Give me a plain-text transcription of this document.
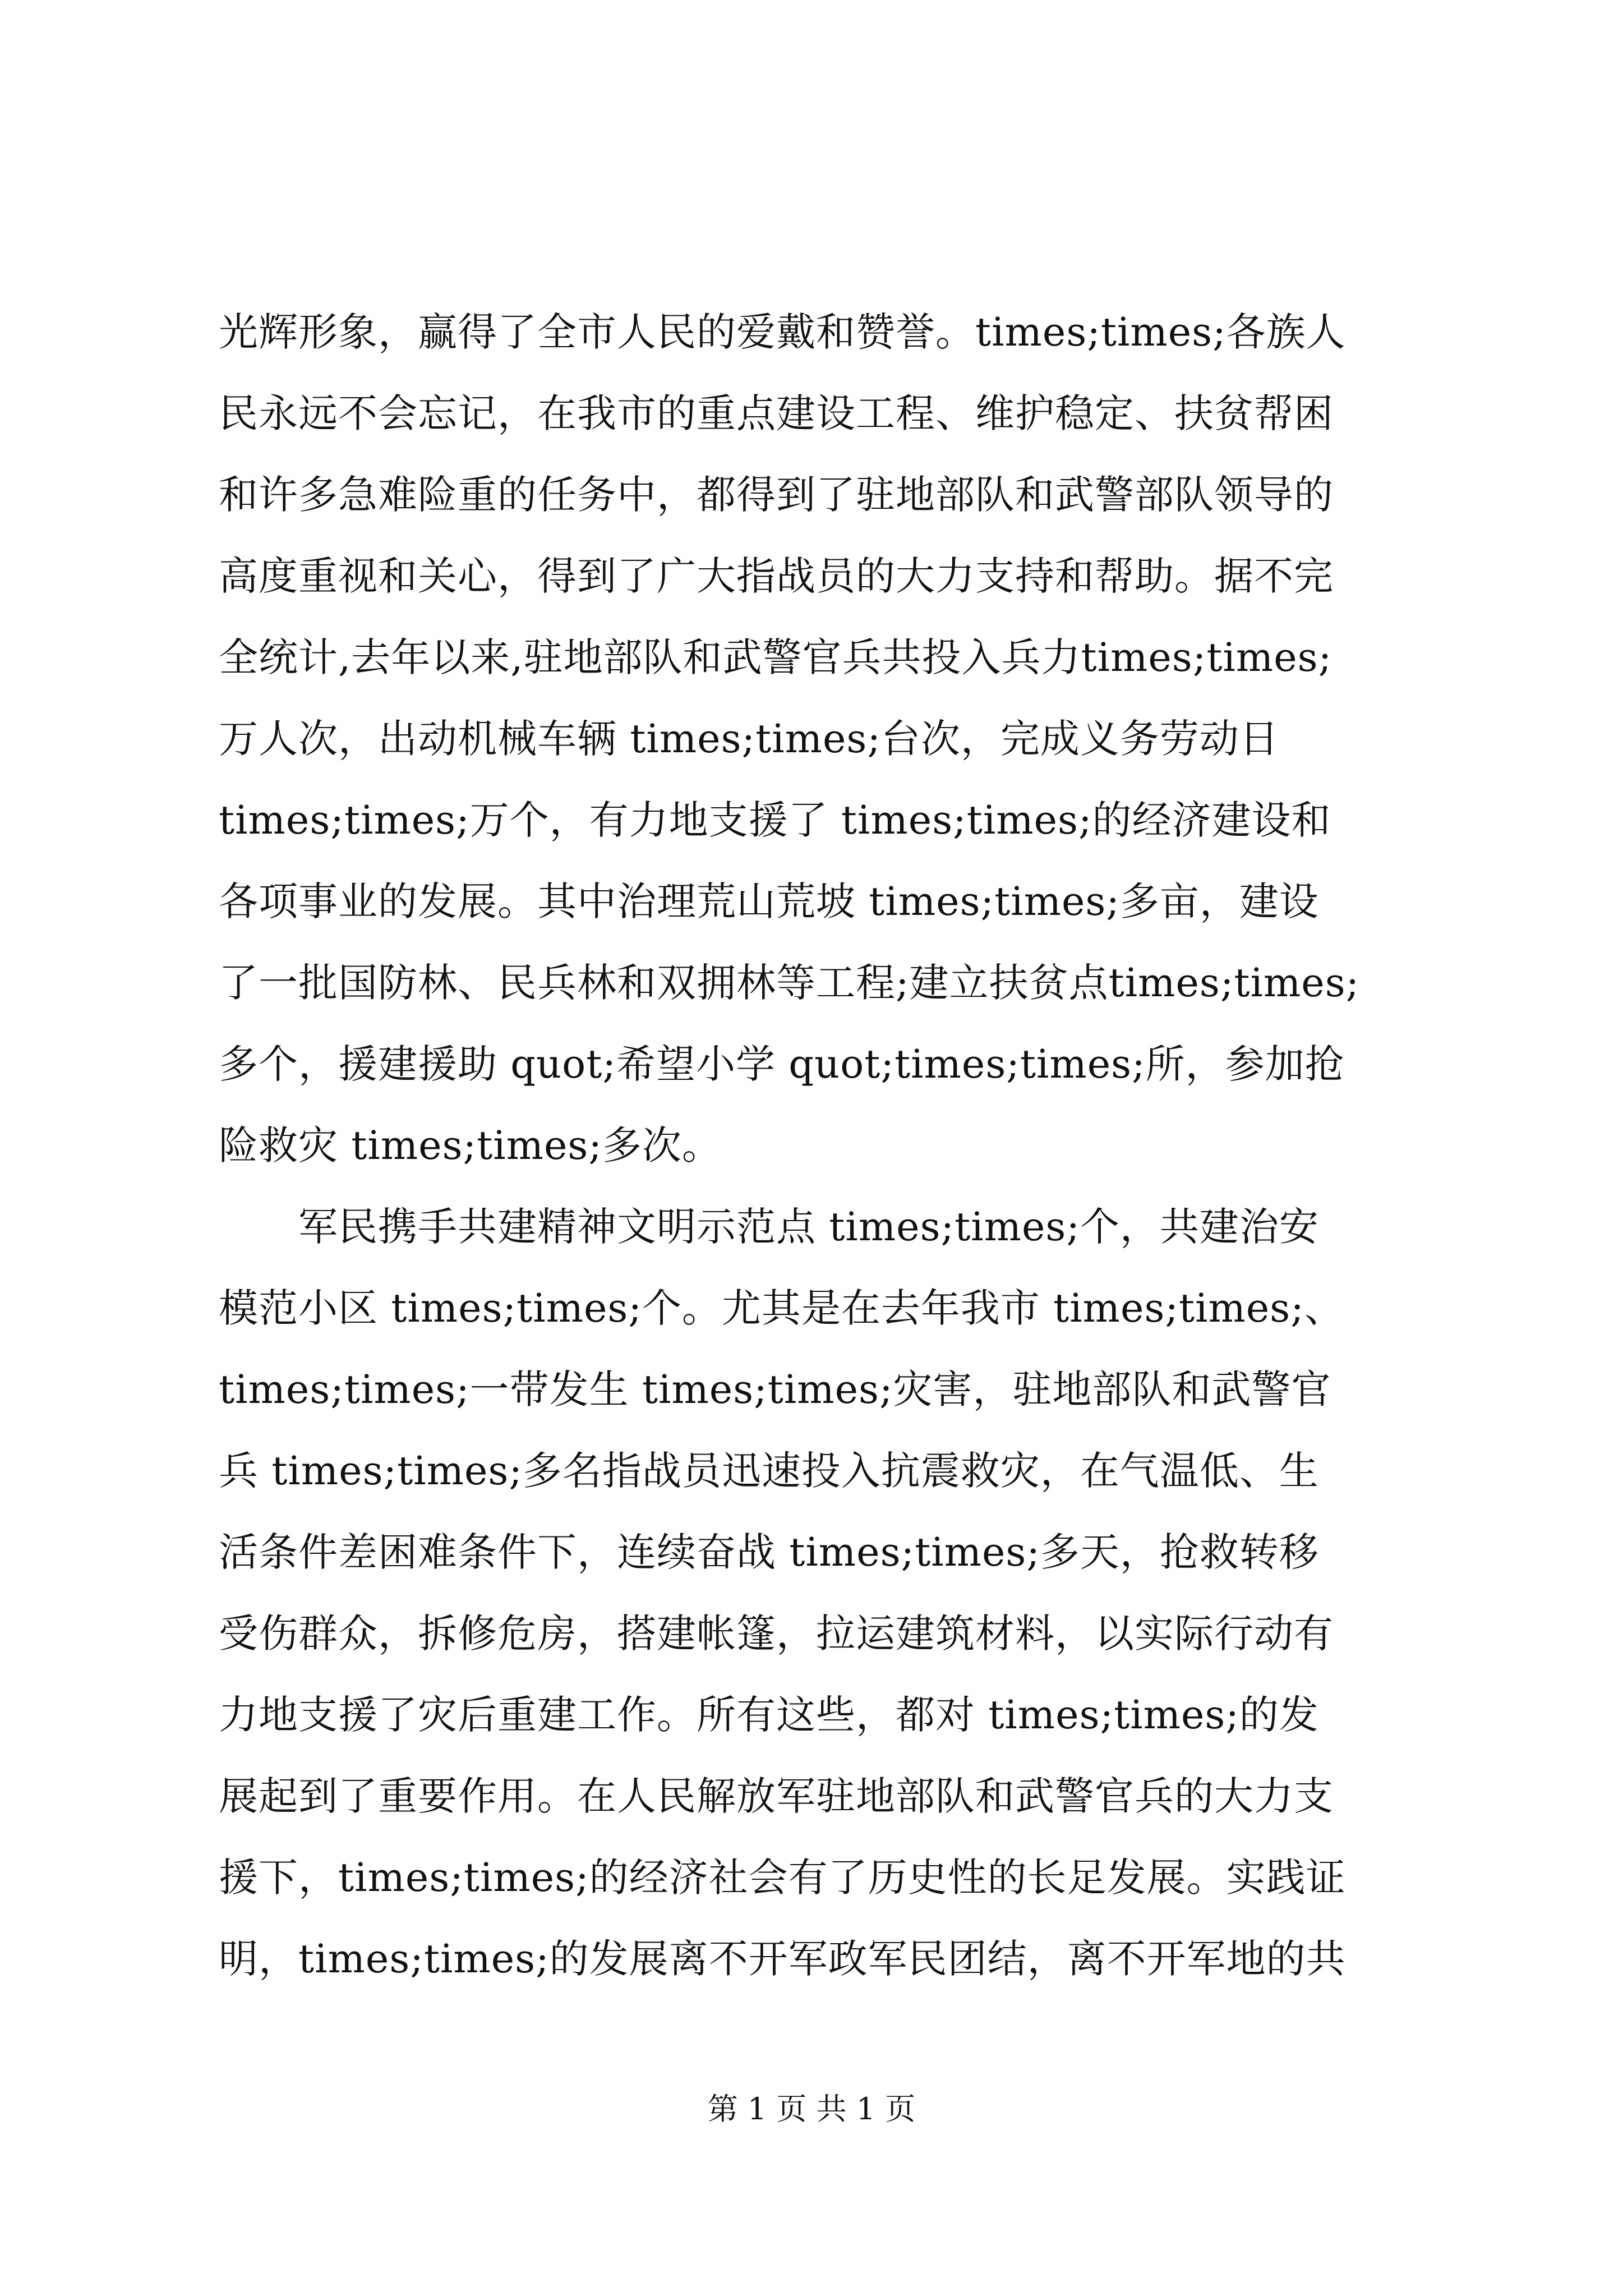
光辉形象，赢得了全市人民的爱戴和赞誉。times;times;各族人
民永远不会忘记，在我市的重点建设工程、维护稳定、扶贫帮困
和许多急难险重的任务中，都得到了驻地部队和武警部队领导的
高度重视和关心，得到了广大指战员的大力支持和帮助。据不完
全统计,去年以来,驻地部队和武警官兵共投入兵力times;times;
万人次，出动机械车辆 times;times;台次，完成义务劳动日
times;times;万个，有力地支援了 times;times;的经济建设和
各项事业的发展。其中治理荒山荒坡 times;times;多亩，建设
了一批国防林、民兵林和双拥林等工程;建立扶贫点times;times;
多个，援建援助 quot;希望小学 quot;times;times;所，参加抢
险救灾 times;times;多次。
　　军民携手共建精神文明示范点 times;times;个，共建治安
模范小区 times;times;个。尤其是在去年我市 times;times;、
times;times;一带发生 times;times;灾害，驻地部队和武警官
兵 times;times;多名指战员迅速投入抗震救灾，在气温低、生
活条件差困难条件下，连续奋战 times;times;多天，抢救转移
受伤群众，拆修危房，搭建帐篷，拉运建筑材料，以实际行动有
力地支援了灾后重建工作。所有这些，都对 times;times;的发
展起到了重要作用。在人民解放军驻地部队和武警官兵的大力支
援下，times;times;的经济社会有了历史性的长足发展。实践证
明，times;times;的发展离不开军政军民团结，离不开军地的共
第 1 页 共 1 页
